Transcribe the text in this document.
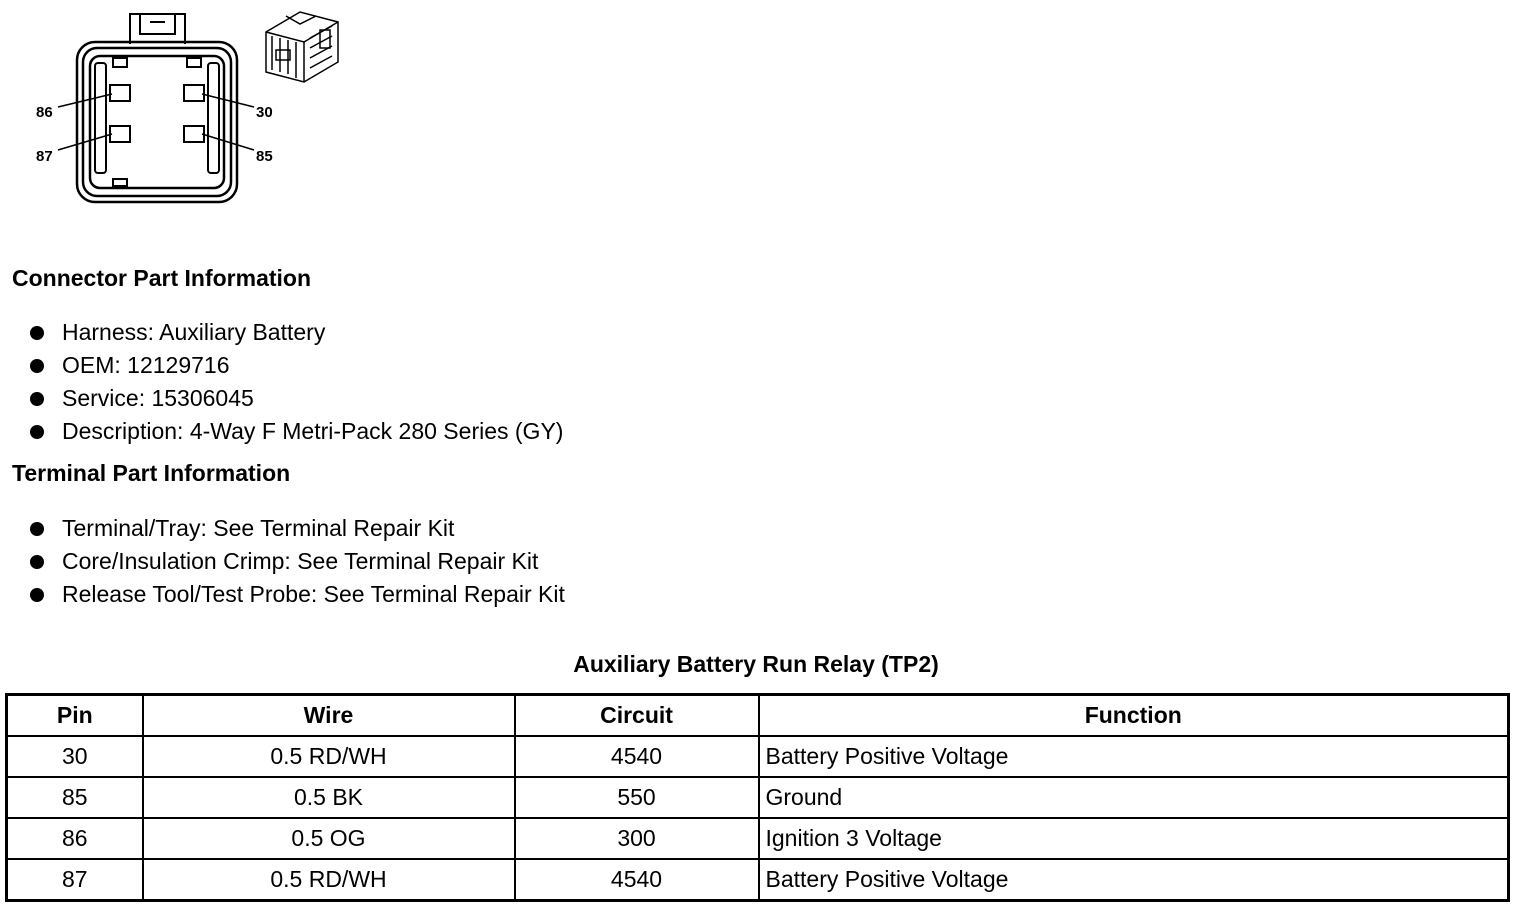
86
87
30
85
Connector Part Information
Harness: Auxiliary Battery
OEM: 12129716
Service: 15306045
Description: 4-Way F Metri-Pack 280 Series (GY)
Terminal Part Information
Terminal/Tray: See Terminal Repair Kit
Core/Insulation Crimp: See Terminal Repair Kit
Release Tool/Test Probe: See Terminal Repair Kit
Auxiliary Battery Run Relay (TP2)
Pin	Wire	Circuit	Function
30	0.5 RD/WH	4540	Battery Positive Voltage
85	0.5 BK	550	Ground
86	0.5 OG	300	Ignition 3 Voltage
87	0.5 RD/WH	4540	Battery Positive Voltage
